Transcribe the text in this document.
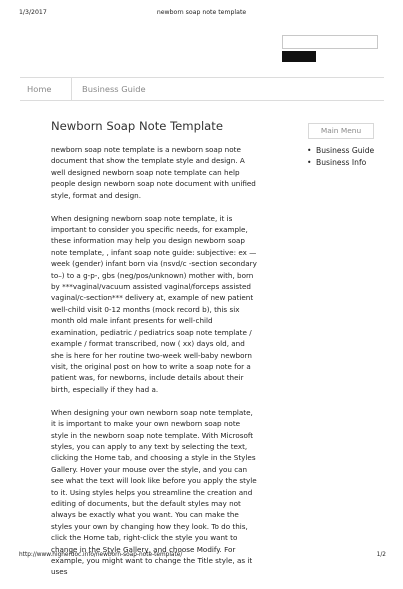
1/3/2017	newborn soap note template
Home	Business Guide
Newborn Soap Note Template

newborn soap note template is a newborn soap note document that show the template style and design. A well designed newborn soap note template can help people design newborn soap note document with unified style, format and design.

When designing newborn soap note template, it is important to consider you specific needs, for example, these information may help you design newborn soap note template, , infant soap note guide: subjective: ex — week (gender) infant born via (nsvd/c -section secondary to–) to a g-p-, gbs (neg/pos/unknown) mother with, born by ***vaginal/vacuum assisted vaginal/forceps assisted vaginal/c-section*** delivery at, example of new patient well-child visit 0-12 months (mock record b), this six month old male infant presents for well-child examination, pediatric / pediatrics soap note template / example / format transcribed, now ( xx) days old, and she is here for her routine two-week well-baby newborn visit, the original post on how to write a soap note for a patient was, for newborns, include details about their birth, especially if they had a.

When designing your own newborn soap note template, it is important to make your own newborn soap note style in the newborn soap note template. With Microsoft styles, you can apply to any text by selecting the text, clicking the Home tab, and choosing a style in the Styles Gallery. Hover your mouse over the style, and you can see what the text will look like before you apply the style to it. Using styles helps you streamline the creation and editing of documents, but the default styles may not always be exactly what you want. You can make the styles your own by changing how they look. To do this, click the Home tab, right-click the style you want to change in the Style Gallery, and choose Modify. For example, you might want to change the Title style, as it uses

Main Menu
• Business Guide
• Business Info
http://www.higherdoc.info/newborn-soap-note-template/	1/2
